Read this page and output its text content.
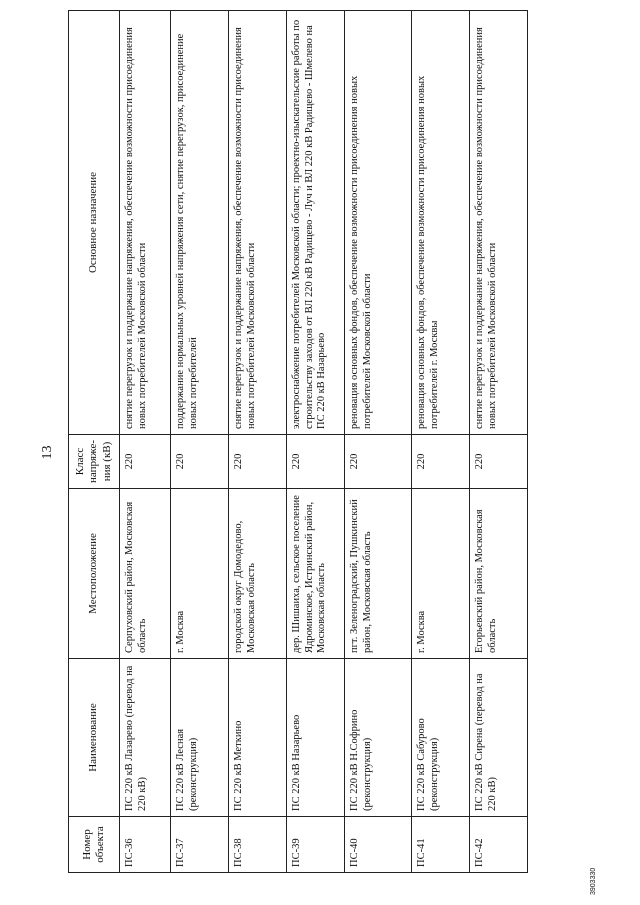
13
Номер объекта	Наименование	Местоположение	Класс напряже-ния (кВ)	Основное назначение
ПС-36	ПС 220 кВ Лазарево (перевод на 220 кВ)	Серпуховский район, Московская область	220	снятие перегрузок и поддержание напряжения, обеспечение возможности присоединения новых потребителей Московской области
ПС-37	ПС 220 кВ Лесная (реконструкция)	г. Москва	220	поддержание нормальных уровней напряжения сети, снятие перегрузок, присоединение новых потребителей
ПС-38	ПС 220 кВ Меткино	городской округ Домодедово, Московская область	220	снятие перегрузок и поддержание напряжения, обеспечение возможности присоединения новых потребителей Московской области
ПС-39	ПС 220 кВ Назарьево	дер. Шишаиха, сельское поселение Ядроминское, Истринский район, Московская область	220	электроснабжение потребителей Московской области; проектно-изыскательские работы по строительству заходов от ВЛ 220 кВ Радищево - Луч и ВЛ 220 кВ Радищево - Шмелево на ПС 220 кВ Назарьево
ПС-40	ПС 220 кВ Н.Софрино (реконструкция)	пгт. Зеленоградский, Пушкинский район, Московская область	220	реновация основных фондов, обеспечение возможности присоединения новых потребителей Московской области
ПС-41	ПС 220 кВ Сабурово (реконструкция)	г. Москва	220	реновация основных фондов, обеспечение возможности присоединения новых потребителей г. Москвы
ПС-42	ПС 220 кВ Сирена (перевод на 220 кВ)	Егорьевский район, Московская область	220	снятие перегрузок и поддержание напряжения, обеспечение возможности присоединения новых потребителей Московской области
3903330
